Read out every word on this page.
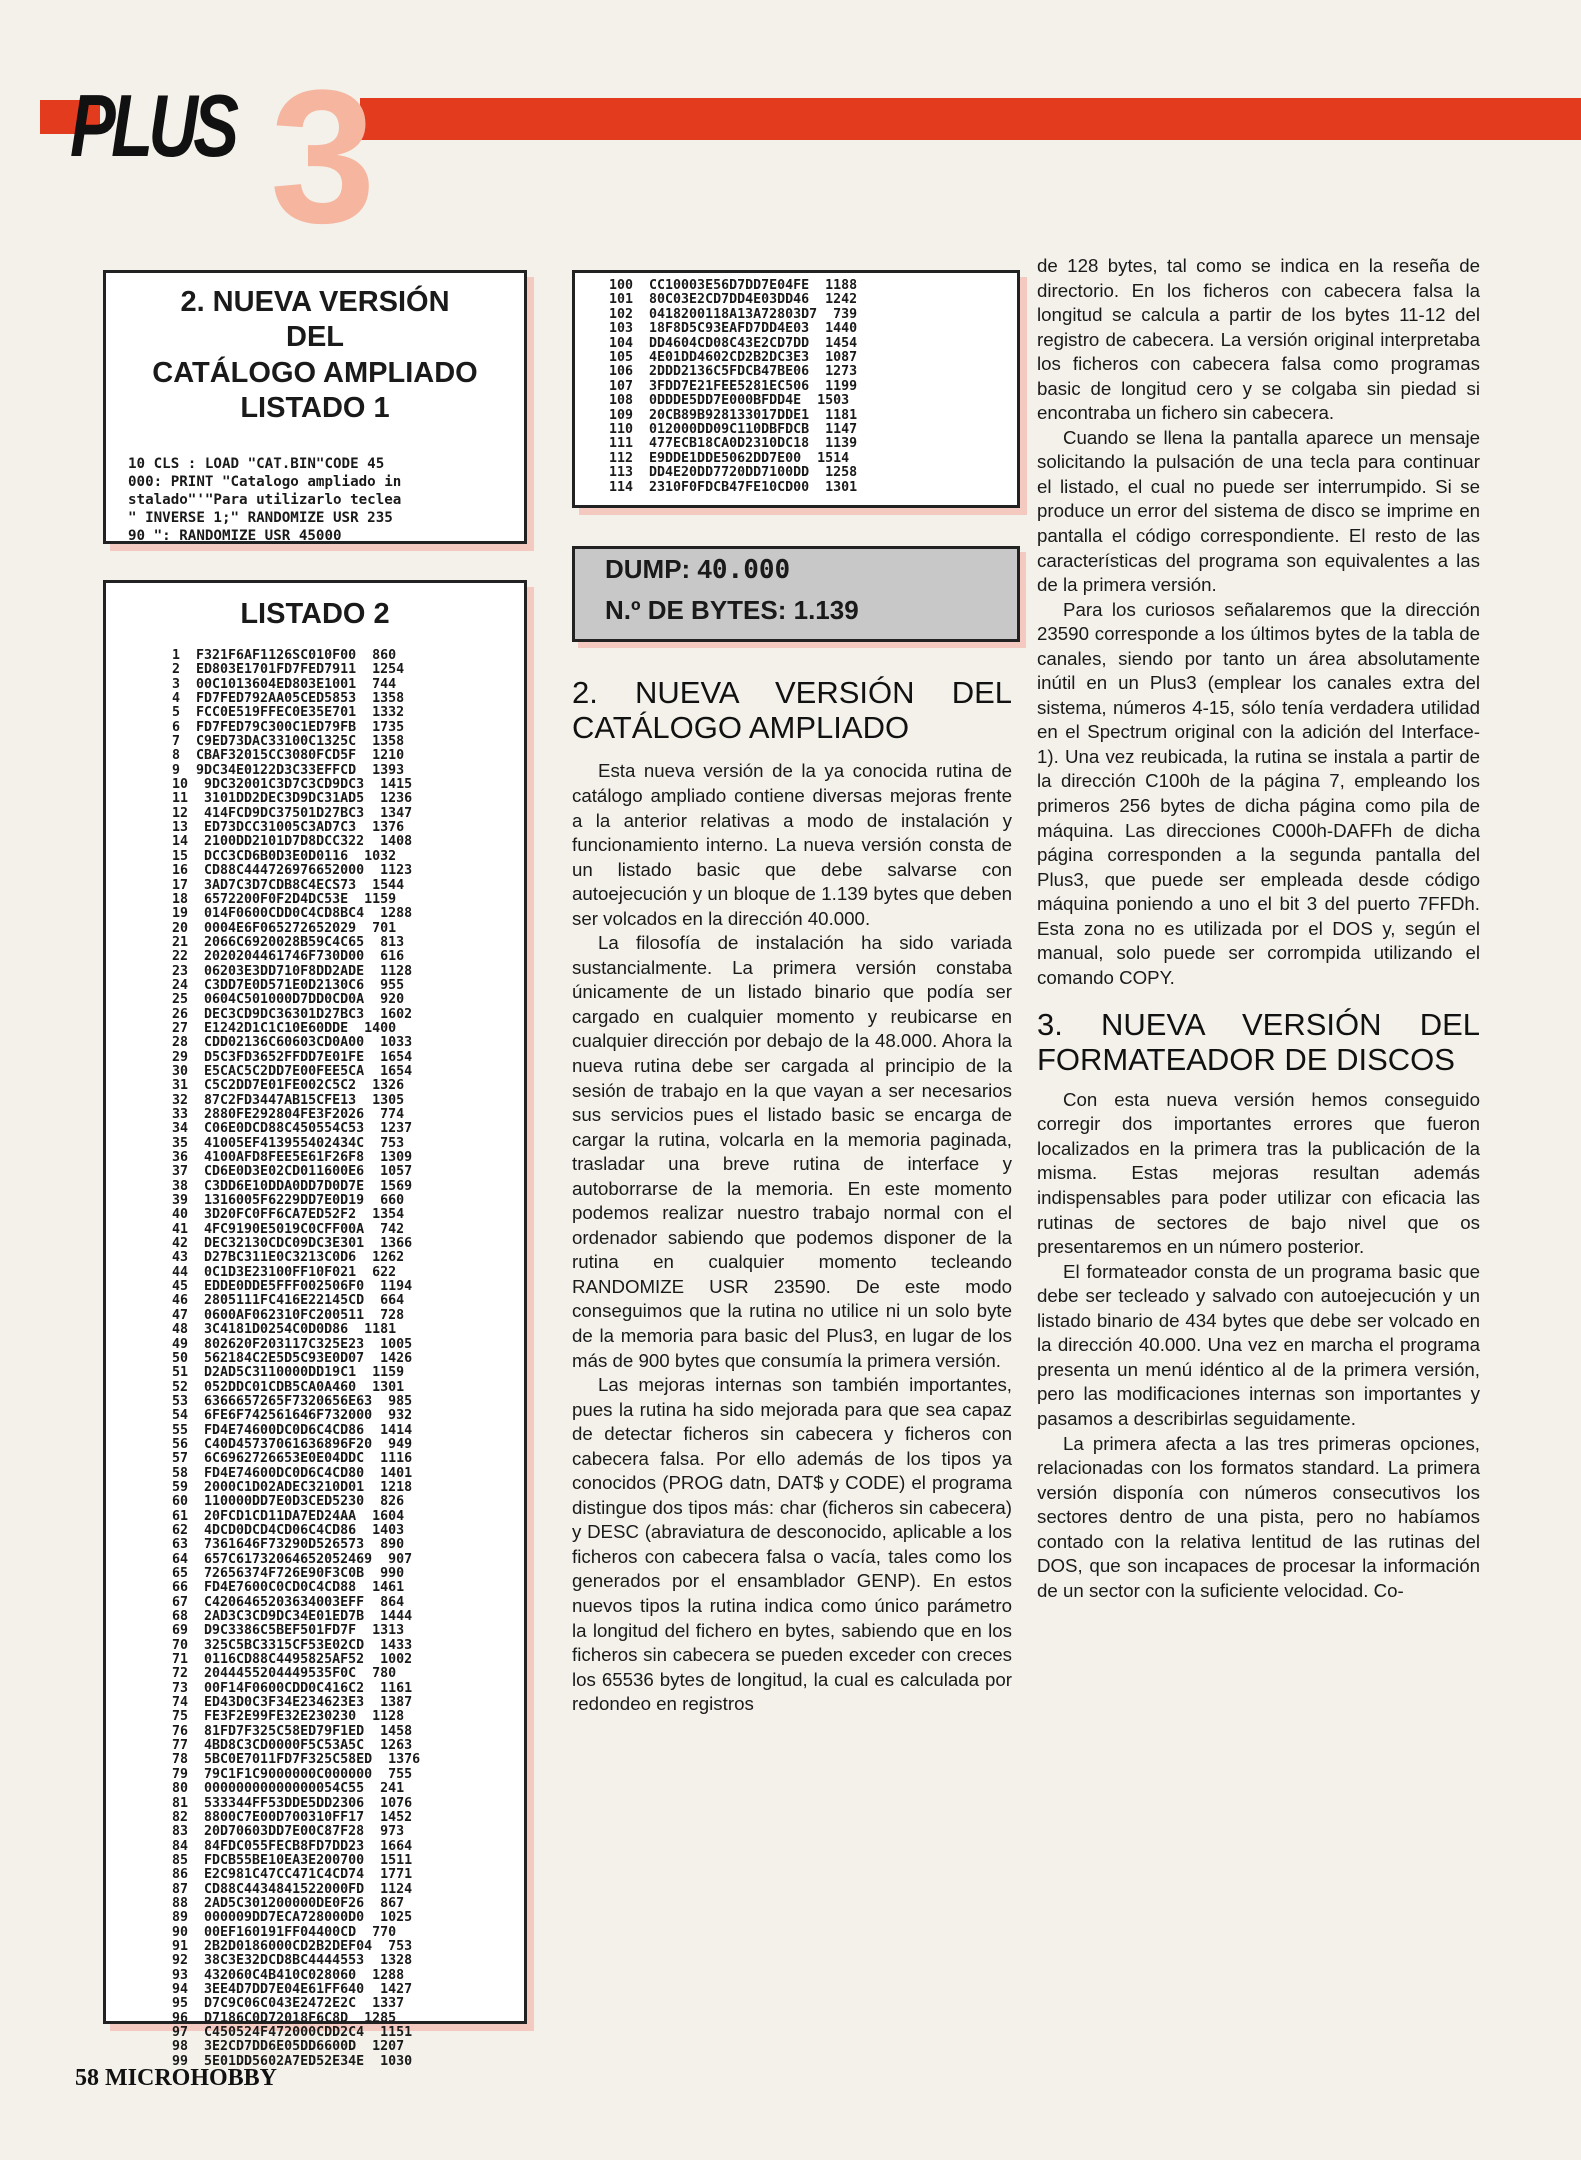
3
PLUS
2. NUEVA VERSIÓN
DEL
CATÁLOGO AMPLIADO
LISTADO 1
10 CLS : LOAD "CAT.BIN"CODE 45
000: PRINT "Catalogo ampliado in
stalado"'"Para utilizarlo teclea
" INVERSE 1;" RANDOMIZE USR 235
90 ": RANDOMIZE USR 45000
LISTADO 2
1  F321F6AF1126SC010F00  860
2  ED803E1701FD7FED7911  1254
3  00C1013604ED803E1001  744
4  FD7FED792AA05CED5853  1358
5  FCC0E519FFEC0E35E701  1332
6  FD7FED79C300C1ED79FB  1735
7  C9ED73DAC33100C1325C  1358
8  CBAF32015CC3080FCD5F  1210
9  9DC34E0122D3C33EFFCD  1393
10  9DC32001C3D7C3CD9DC3  1415
11  3101DD2DEC3D9DC31AD5  1236
12  414FCD9DC37501D27BC3  1347
13  ED73DCC31005C3AD7C3  1376
14  2100DD2101D7D8DCC322  1408
15  DCC3CD6B0D3E0D0116  1032
16  CD88C444726976652000  1123
17  3AD7C3D7CDB8C4ECS73  1544
18  6572200F0F2D4DC53E  1159
19  014F0600CDD0C4CD8BC4  1288
20  0004E6F065272652029  701
21  2066C6920028B59C4C65  813
22  2020204461746F730D00  616
23  06203E3DD710F8DD2ADE  1128
24  C3DD7E0D571E0D2130C6  955
25  0604C501000D7DD0CD0A  920
26  DEC3CD9DC36301D27BC3  1602
27  E1242D1C1C10E60DDE  1400
28  CDD02136C60603CD0A00  1033
29  D5C3FD3652FFDD7E01FE  1654
30  E5CAC5C2DD7E00FEE5CA  1654
31  C5C2DD7E01FE002C5C2  1326
32  87C2FD3447AB15CFE13  1305
33  2880FE292804FE3F2026  774
34  C06E0DCD88C450554C53  1237
35  41005EF413955402434C  753
36  4100AFD8FEE5E61F26F8  1309
37  CD6E0D3E02CD011600E6  1057
38  C3DD6E10DDA0DD7D0D7E  1569
39  1316005F6229DD7E0D19  660
40  3D20FC0FF6CA7ED52F2  1354
41  4FC9190E5019C0CFF00A  742
42  DEC32130CDC09DC3E301  1366
43  D27BC311E0C3213C0D6  1262
44  0C1D3E23100FF10F021  622
45  EDDE0DDE5FFF002506F0  1194
46  2805111FC416E22145CD  664
47  0600AF062310FC200511  728
48  3C4181D0254C0D0D86  1181
49  802620F203117C325E23  1005
50  562184C2E5D5C93E0D07  1426
51  D2AD5C3110000DD19C1  1159
52  052DDC01CDB5CA0A460  1301
53  6366657265F7320656E63  985
54  6FE6F742561646F732000  932
55  FD4E74600DC0D6C4CD86  1414
56  C40D45737061636896F20  949
57  6C6962726653E0E04DDC  1116
58  FD4E74600DC0D6C4CD80  1401
59  2000C1D02ADEC3210D01  1218
60  110000DD7E0D3CED5230  826
61  20FCD1CD11DA7ED24AA  1604
62  4DCD0DCD4CD06C4CD86  1403
63  7361646F73290D526573  890
64  657C61732064652052469  907
65  72656374F726E90F3C0B  990
66  FD4E7600C0CD0C4CD88  1461
67  C4206465203634003EFF  864
68  2AD3C3CD9DC34E01ED7B  1444
69  D9C3386C5BEF501FD7F  1313
70  325C5BC3315CF53E02CD  1433
71  0116CD88C4495825AF52  1002
72  2044455204449535F0C  780
73  00F14F0600CDD0C416C2  1161
74  ED43D0C3F34E234623E3  1387
75  FE3F2E99FE32E230230  1128
76  81FD7F325C58ED79F1ED  1458
77  4BD8C3CD0000F5C53A5C  1263
78  5BC0E7011FD7F325C58ED  1376
79  79C1F1C9000000C000000  755
80  00000000000000054C55  241
81  533344FF53DDE5DD2306  1076
82  8800C7E00D700310FF17  1452
83  20D70603DD7E00C87F28  973
84  84FDC055FECB8FD7DD23  1664
85  FDCB55BE10EA3E200700  1511
86  E2C981C47CC471C4CD74  1771
87  CD88C4434841522000FD  1124
88  2AD5C301200000DE0F26  867
89  000009DD7ECA728000D0  1025
90  00EF160191FF04400CD  770
91  2B2D0186000CD2B2DEF04  753
92  38C3E32DCD8BC4444553  1328
93  432060C4B410C028060  1288
94  3EE4D7DD7E04E61FF640  1427
95  D7C9C06C043E2472E2C  1337
96  D7186C0D72018F6C8D  1285
97  C450524F472000CDD2C4  1151
98  3E2CD7DD6E05DD6600D  1207
99  5E01DD5602A7ED52E34E  1030
100  CC10003E56D7DD7E04FE  1188
101  80C03E2CD7DD4E03DD46  1242
102  0418200118A13A72803D7  739
103  18F8D5C93EAFD7DD4E03  1440
104  DD4604CD08C43E2CD7DD  1454
105  4E01DD4602CD2B2DC3E3  1087
106  2DDD2136C5FDCB47BE06  1273
107  3FDD7E21FEE5281EC506  1199
108  0DDDE5DD7E000BFDD4E  1503
109  20CB89B928133017DDE1  1181
110  012000DD09C110DBFDCB  1147
111  477ECB18CA0D2310DC18  1139
112  E9DDE1DDE5062DD7E00  1514
113  DD4E20DD7720DD7100DD  1258
114  2310F0FDCB47FE10CD00  1301
DUMP: 40.000
N.º DE BYTES: 1.139
2. NUEVA VERSIÓN DEL CATÁLOGO AMPLIADO

Esta nueva versión de la ya conocida rutina de catálogo ampliado contiene diversas mejoras frente a la anterior relativas a modo de instalación y funcionamiento interno. La nueva versión consta de un listado basic que debe salvarse con autoejecución y un bloque de 1.139 bytes que deben ser volcados en la dirección 40.000.

La filosofía de instalación ha sido variada sustancialmente. La primera versión constaba únicamente de un listado binario que podía ser cargado en cualquier momento y reubicarse en cualquier dirección por debajo de la 48.000. Ahora la nueva rutina debe ser cargada al principio de la sesión de trabajo en la que vayan a ser necesarios sus servicios pues el listado basic se encarga de cargar la rutina, volcarla en la memoria paginada, trasladar una breve rutina de interface y autoborrarse de la memoria. En este momento podemos realizar nuestro trabajo normal con el ordenador sabiendo que podemos disponer de la rutina en cualquier momento tecleando RANDOMIZE USR 23590. De este modo conseguimos que la rutina no utilice ni un solo byte de la memoria para basic del Plus3, en lugar de los más de 900 bytes que consumía la primera versión.

Las mejoras internas son también importantes, pues la rutina ha sido mejorada para que sea capaz de detectar ficheros sin cabecera y ficheros con cabecera falsa. Por ello además de los tipos ya conocidos (PROG datn, DAT$ y CODE) el programa distingue dos tipos más: char (ficheros sin cabecera) y DESC (abraviatura de desconocido, aplicable a los ficheros con cabecera falsa o vacía, tales como los generados por el ensamblador GENP). En estos nuevos tipos la rutina indica como único parámetro la longitud del fichero en bytes, sabiendo que en los ficheros sin cabecera se pueden exceder con creces los 65536 bytes de longitud, la cual es calculada por redondeo en registros

de 128 bytes, tal como se indica en la reseña de directorio. En los ficheros con cabecera falsa la longitud se calcula a partir de los bytes 11-12 del registro de cabecera. La versión original interpretaba los ficheros con cabecera falsa como programas basic de longitud cero y se colgaba sin piedad si encontraba un fichero sin cabecera.

Cuando se llena la pantalla aparece un mensaje solicitando la pulsación de una tecla para continuar el listado, el cual no puede ser interrumpido. Si se produce un error del sistema de disco se imprime en pantalla el código correspondiente. El resto de las características del programa son equivalentes a las de la primera versión.

Para los curiosos señalaremos que la dirección 23590 corresponde a los últimos bytes de la tabla de canales, siendo por tanto un área absolutamente inútil en un Plus3 (emplear los canales extra del sistema, números 4-15, sólo tenía verdadera utilidad en el Spectrum original con la adición del Interface-1). Una vez reubicada, la rutina se instala a partir de la dirección C100h de la página 7, empleando los primeros 256 bytes de dicha página como pila de máquina. Las direcciones C000h-DAFFh de dicha página corresponden a la segunda pantalla del Plus3, que puede ser empleada desde código máquina poniendo a uno el bit 3 del puerto 7FFDh. Esta zona no es utilizada por el DOS y, según el manual, solo puede ser corrompida utilizando el comando COPY.

3. NUEVA VERSIÓN DEL FORMATEADOR DE DISCOS

Con esta nueva versión hemos conseguido corregir dos importantes errores que fueron localizados en la primera tras la publicación de la misma. Estas mejoras resultan además indispensables para poder utilizar con eficacia las rutinas de sectores de bajo nivel que os presentaremos en un número posterior.

El formateador consta de un programa basic que debe ser tecleado y salvado con autoejecución y un listado binario de 434 bytes que debe ser volcado en la dirección 40.000. Una vez en marcha el programa presenta un menú idéntico al de la primera versión, pero las modificaciones internas son importantes y pasamos a describirlas seguidamente.

La primera afecta a las tres primeras opciones, relacionadas con los formatos standard. La primera versión disponía con números consecutivos los sectores dentro de una pista, pero no habíamos contado con la relativa lentitud de las rutinas del DOS, que son incapaces de procesar la información de un sector con la suficiente velocidad. Co-

58 MICROHOBBY
